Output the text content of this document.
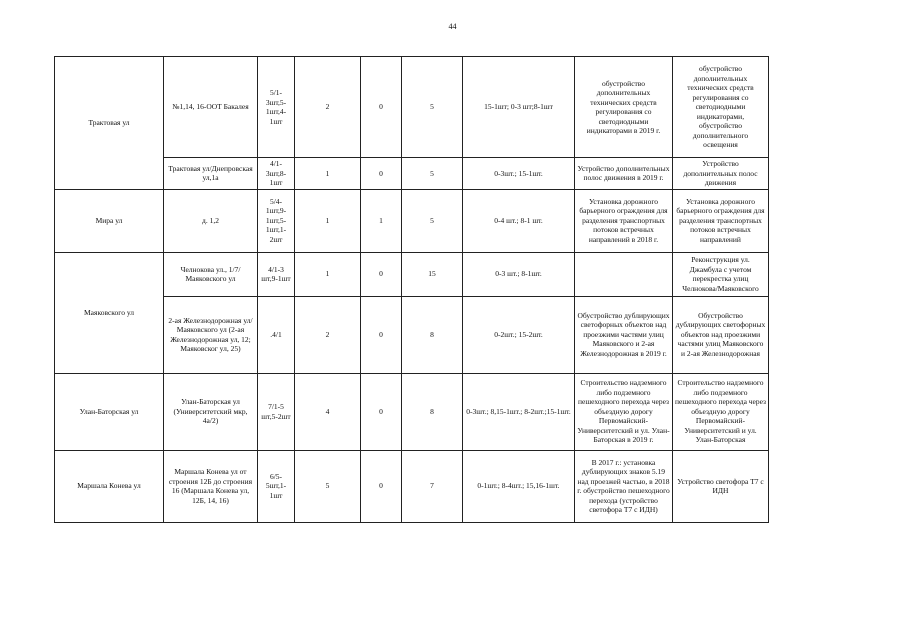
44
Трактовая ул	№1,14, 16-ООТ Бакалея	5/1-3шт,5-1шт,4-1шт	2	0	5	15-1шт; 0-3 шт;8-1шт	обустройство дополнительных технических средств регулирования со светодиодными индикаторами в 2019 г.	обустройство дополнительных технических средств регулирования со светодиодными индикаторами, обустройство дополнительного освещения
	Трактовая ул/Днепровская ул,1а	4/1-3шт,8-1шт	1	0	5	0-3шт.; 15-1шт.	Устройство дополнительных полос движения в 2019 г.	Устройство дополнительных полос движения
Мира ул	д. 1,2	5/4-1шт,9-1шт,5-1шт,1-2шт	1	1	5	0-4 шт.; 8-1 шт.	Установка дорожного барьерного ограждения для разделения транспортных потоков встречных направлений в 2018 г.	Установка дорожного барьерного ограждения для разделения транспортных потоков встречных направлений
Маяковского ул	Челнокова ул., 1/7/Маяковского ул	4/1-3 шт,9-1шт	1	0	15	0-3 шт.; 8-1шт.		Реконструкция ул. Джамбула с учетом перекрестка улиц Челнокова/Маяковского
	2-ая Железнодорожная ул/Маяковского ул (2-ая Железнодорожная ул, 12; Маяковског ул, 25)	.4/1	2	0	8	0-2шт.; 15-2шт.	Обустройство дублирующих светофорных объектов над проезжими частями улиц Маяковского и 2-ая Железнодорожная в 2019 г.	Обустройство дублирующих светофорных объектов над проезжими частями улиц Маяковского и 2-ая Железнодорожная
Улан-Баторская ул	Улан-Баторская ул (Университетский мкр, 4а/2)	7/1-5 шт,5-2шт	4	0	8	0-3шт.; 8,15-1шт.; 8-2шт.;15-1шт.	Строительство надземного либо подземного пешеходного перехода через объездную дорогу Первомайский-Университетский и ул. Улан-Баторская в 2019 г.	Строительство надземного либо подземного пешеходного перехода через объездную дорогу Первомайский-Университетский и ул. Улан-Баторская
Маршала Конева ул	Маршала Конева ул от строения 12Б до строения 16 (Маршала Конева ул, 12Б, 14, 16)	6/5-5шт,1-1шт	5	0	7	0-1шт.; 8-4шт.; 15,16-1шт.	В 2017 г.: установка дублирующих знаков 5.19 над проезжей частью, в 2018 г. обустройство пешеходного перехода (устройство светофора Т7 с ИДН)	Устройство светофора Т7 с ИДН
